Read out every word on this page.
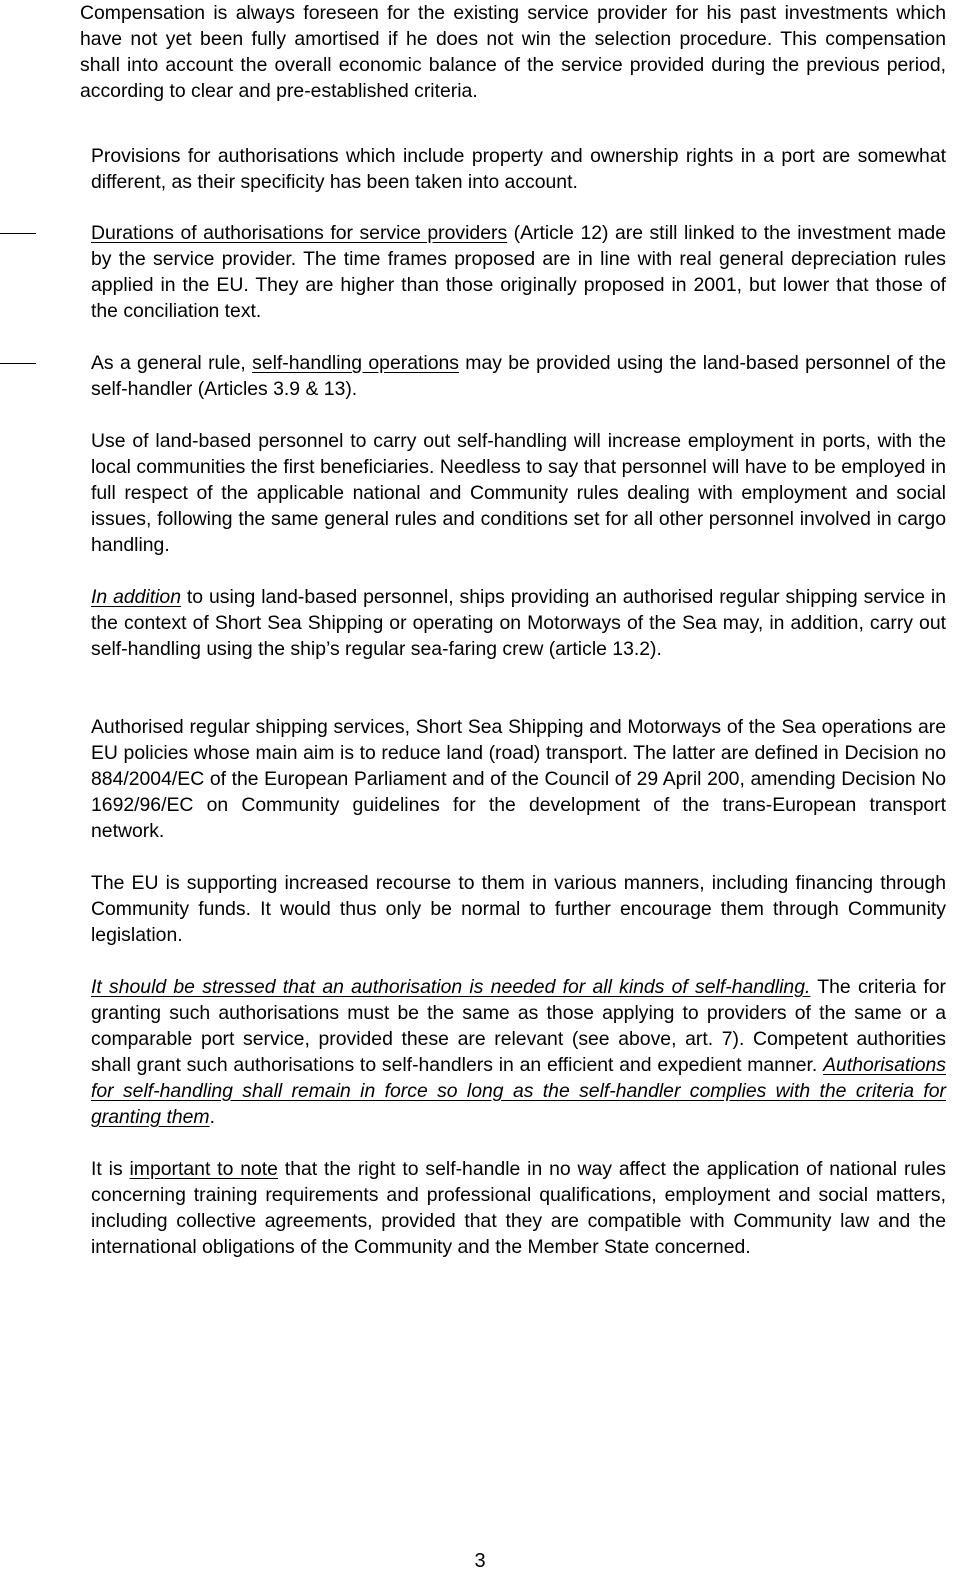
Compensation is always foreseen for the existing service provider for his past investments which have not yet been fully amortised if he does not win the selection procedure. This compensation shall into account the overall economic balance of the service provided during the previous period, according to clear and pre-established criteria.

Provisions for authorisations which include property and ownership rights in a port are somewhat different, as their specificity has been taken into account.

Durations of authorisations for service providers (Article 12) are still linked to the investment made by the service provider. The time frames proposed are in line with real general depreciation rules applied in the EU. They are higher than those originally proposed in 2001, but lower that those of the conciliation text.

As a general rule, self-handling operations may be provided using the land-based personnel of the self-handler (Articles 3.9 & 13).

Use of land-based personnel to carry out self-handling will increase employment in ports, with the local communities the first beneficiaries. Needless to say that personnel will have to be employed in full respect of the applicable national and Community rules dealing with employment and social issues, following the same general rules and conditions set for all other personnel involved in cargo handling.

In addition to using land-based personnel, ships providing an authorised regular shipping service in the context of Short Sea Shipping or operating on Motorways of the Sea may, in addition, carry out self-handling using the ship’s regular sea-faring crew (article 13.2).

Authorised regular shipping services, Short Sea Shipping and Motorways of the Sea operations are EU policies whose main aim is to reduce land (road) transport. The latter are defined in Decision no 884/2004/EC of the European Parliament and of the Council of 29 April 200, amending Decision No 1692/96/EC on Community guidelines for the development of the trans-European transport network.

The EU is supporting increased recourse to them in various manners, including financing through Community funds. It would thus only be normal to further encourage them through Community legislation.

It should be stressed that an authorisation is needed for all kinds of self-handling. The criteria for granting such authorisations must be the same as those applying to providers of the same or a comparable port service, provided these are relevant (see above, art. 7). Competent authorities shall grant such authorisations to self-handlers in an efficient and expedient manner. Authorisations for self-handling shall remain in force so long as the self-handler complies with the criteria for granting them.

It is important to note that the right to self-handle in no way affect the application of national rules concerning training requirements and professional qualifications, employment and social matters, including collective agreements, provided that they are compatible with Community law and the international obligations of the Community and the Member State concerned.

3
